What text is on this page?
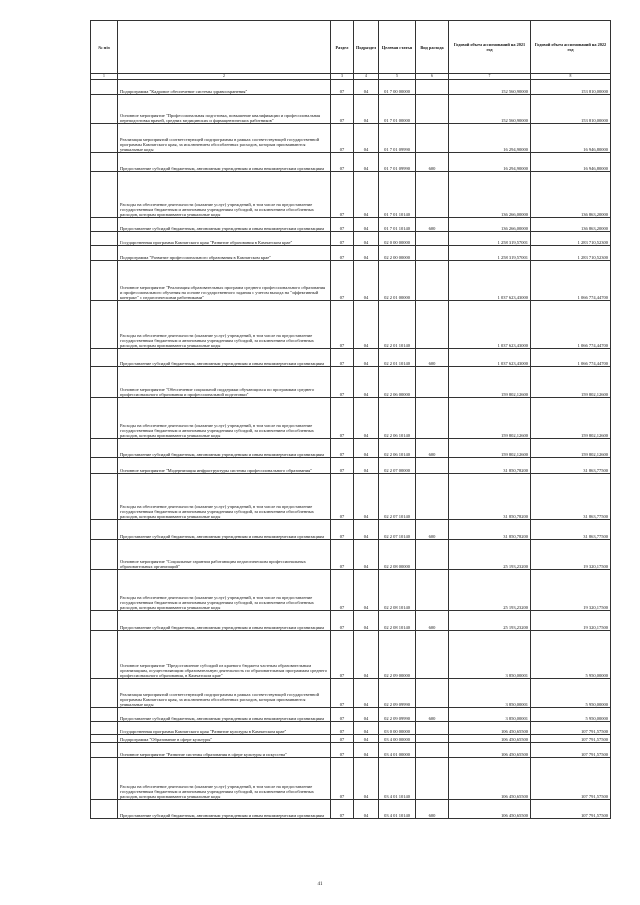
№ п/п		Раздел	Подраздел	Целевая статья	Вид расхода	Годовой объем ассигнований на 2021 год	Годовой объем ассигнований на 2022 год
1	2	3	4	5	6	7	8
	Подпрограмма "Кадровое обеспечение системы здравоохранения"	07	04	01 7 00 00000		152 560,90000	153 810,00000
	Основное мероприятие "Профессиональная подготовка, повышение квалификации и профессиональная переподготовка врачей, средних медицинских и фармацевтических работников"	07	04	01 7 01 00000		152 560,90000	153 810,00000
	Реализация мероприятий соответствующей подпрограммы в рамках соответствующей государственной программы Камчатского края, за исключением обособленных расходов, которым присваиваются уникальные коды	07	04	01 7 01 09990		16 294,90000	16 946,80000
	Предоставление субсидий бюджетным, автономным учреждениям и иным некоммерческим организациям	07	04	01 7 01 09990	600	16 294,90000	16 946,80000
	Расходы на обеспечение деятельности (оказание услуг) учреждений, в том числе на предоставление государственным бюджетным и автономным учреждениям субсидий, за исключением обособленных расходов, которым присваиваются уникальные коды	07	04	01 7 01 10140		136 266,00000	136 863,20000
	Предоставление субсидий бюджетным, автономным учреждениям и иным некоммерческим организациям	07	04	01 7 01 10140	600	136 266,00000	136 863,20000
	Государственная программа Камчатского края "Развитие образования в Камчатском крае"	07	04	02 0 00 00000		1 258 319,57001	1 283 710,52300
	Подпрограмма "Развитие профессионального образования в Камчатском крае"	07	04	02 2 00 00000		1 258 319,57001	1 283 710,52300
	Основное мероприятие "Реализация образовательных программ среднего профессионального образования и профессионального обучения на основе государственного задания с учетом выхода на "эффективный контракт" с педагогическими работниками"	07	04	02 2 01 00000		1 037 623,43000	1 066 774,44700
	Расходы на обеспечение деятельности (оказание услуг) учреждений, в том числе на предоставление государственным бюджетным и автономным учреждениям субсидий, за исключением обособленных расходов, которым присваиваются уникальные коды	07	04	02 2 01 10140		1 037 623,43000	1 066 774,44700
	Предоставление субсидий бюджетным, автономным учреждениям и иным некоммерческим организациям	07	04	02 2 01 10140	600	1 037 623,43000	1 066 774,44700
	Основное мероприятие "Обеспечение социальной поддержки обучающихся по программам среднего профессионального образования и профессиональной подготовки"	07	04	02 2 06 00000		159 802,12600	159 802,12600
	Расходы на обеспечение деятельности (оказание услуг) учреждений, в том числе на предоставление государственным бюджетным и автономным учреждениям субсидий, за исключением обособленных расходов, которым присваиваются уникальные коды	07	04	02 2 06 10140		159 802,12600	159 802,12600
	Предоставление субсидий бюджетным, автономным учреждениям и иным некоммерческим организациям	07	04	02 2 06 10140	600	159 802,12600	159 802,12600
	Основное мероприятие "Модернизация инфраструктуры системы профессионального образования"	07	04	02 2 07 00000		31 850,78200	31 863,77500
	Расходы на обеспечение деятельности (оказание услуг) учреждений, в том числе на предоставление государственным бюджетным и автономным учреждениям субсидий, за исключением обособленных расходов, которым присваиваются уникальные коды	07	04	02 2 07 10140		31 850,78200	31 863,77500
	Предоставление субсидий бюджетным, автономным учреждениям и иным некоммерческим организациям	07	04	02 2 07 10140	600	31 850,78200	31 863,77500
	Основное мероприятие "Социальные гарантии работающим педагогическим профессиональных образовательных организаций"	07	04	02 2 08 00000		25 193,23200	19 320,17500
	Расходы на обеспечение деятельности (оказание услуг) учреждений, в том числе на предоставление государственным бюджетным и автономным учреждениям субсидий, за исключением обособленных расходов, которым присваиваются уникальные коды	07	04	02 2 08 10140		25 193,23200	19 320,17500
	Предоставление субсидий бюджетным, автономным учреждениям и иным некоммерческим организациям	07	04	02 2 08 10140	600	25 193,23200	19 320,17500
	Основное мероприятие "Предоставление субсидий из краевого бюджета частным образовательным организациям, осуществляющим образовательную деятельность по образовательным программам среднего профессионального образования, в Камчатском крае"	07	04	02 2 09 00000		3 850,00001	5 950,00000
	Реализация мероприятий соответствующей подпрограммы в рамках соответствующей государственной программы Камчатского края, за исключением обособленных расходов, которым присваиваются уникальные коды	07	04	02 2 09 09990		3 850,00001	5 950,00000
	Предоставление субсидий бюджетным, автономным учреждениям и иным некоммерческим организациям	07	04	02 2 09 09990	600	3 850,00001	5 950,00000
	Государственная программа Камчатского края "Развитие культуры в Камчатском крае"	07	04	03 0 00 00000		106 450,65500	107 791,57500
	Подпрограмма "Образование в сфере культуры"	07	04	03 4 00 00000		106 450,65500	107 791,57500
	Основное мероприятие "Развитие системы образования в сфере культуры и искусства"	07	04	03 4 01 00000		106 450,65500	107 791,57500
	Расходы на обеспечение деятельности (оказание услуг) учреждений, в том числе на предоставление государственным бюджетным и автономным учреждениям субсидий, за исключением обособленных расходов, которым присваиваются уникальные коды	07	04	03 4 01 10140		106 450,65500	107 791,57500
	Предоставление субсидий бюджетным, автономным учреждениям и иным некоммерческим организациям	07	04	03 4 01 10140	600	106 450,65500	107 791,57500
41
